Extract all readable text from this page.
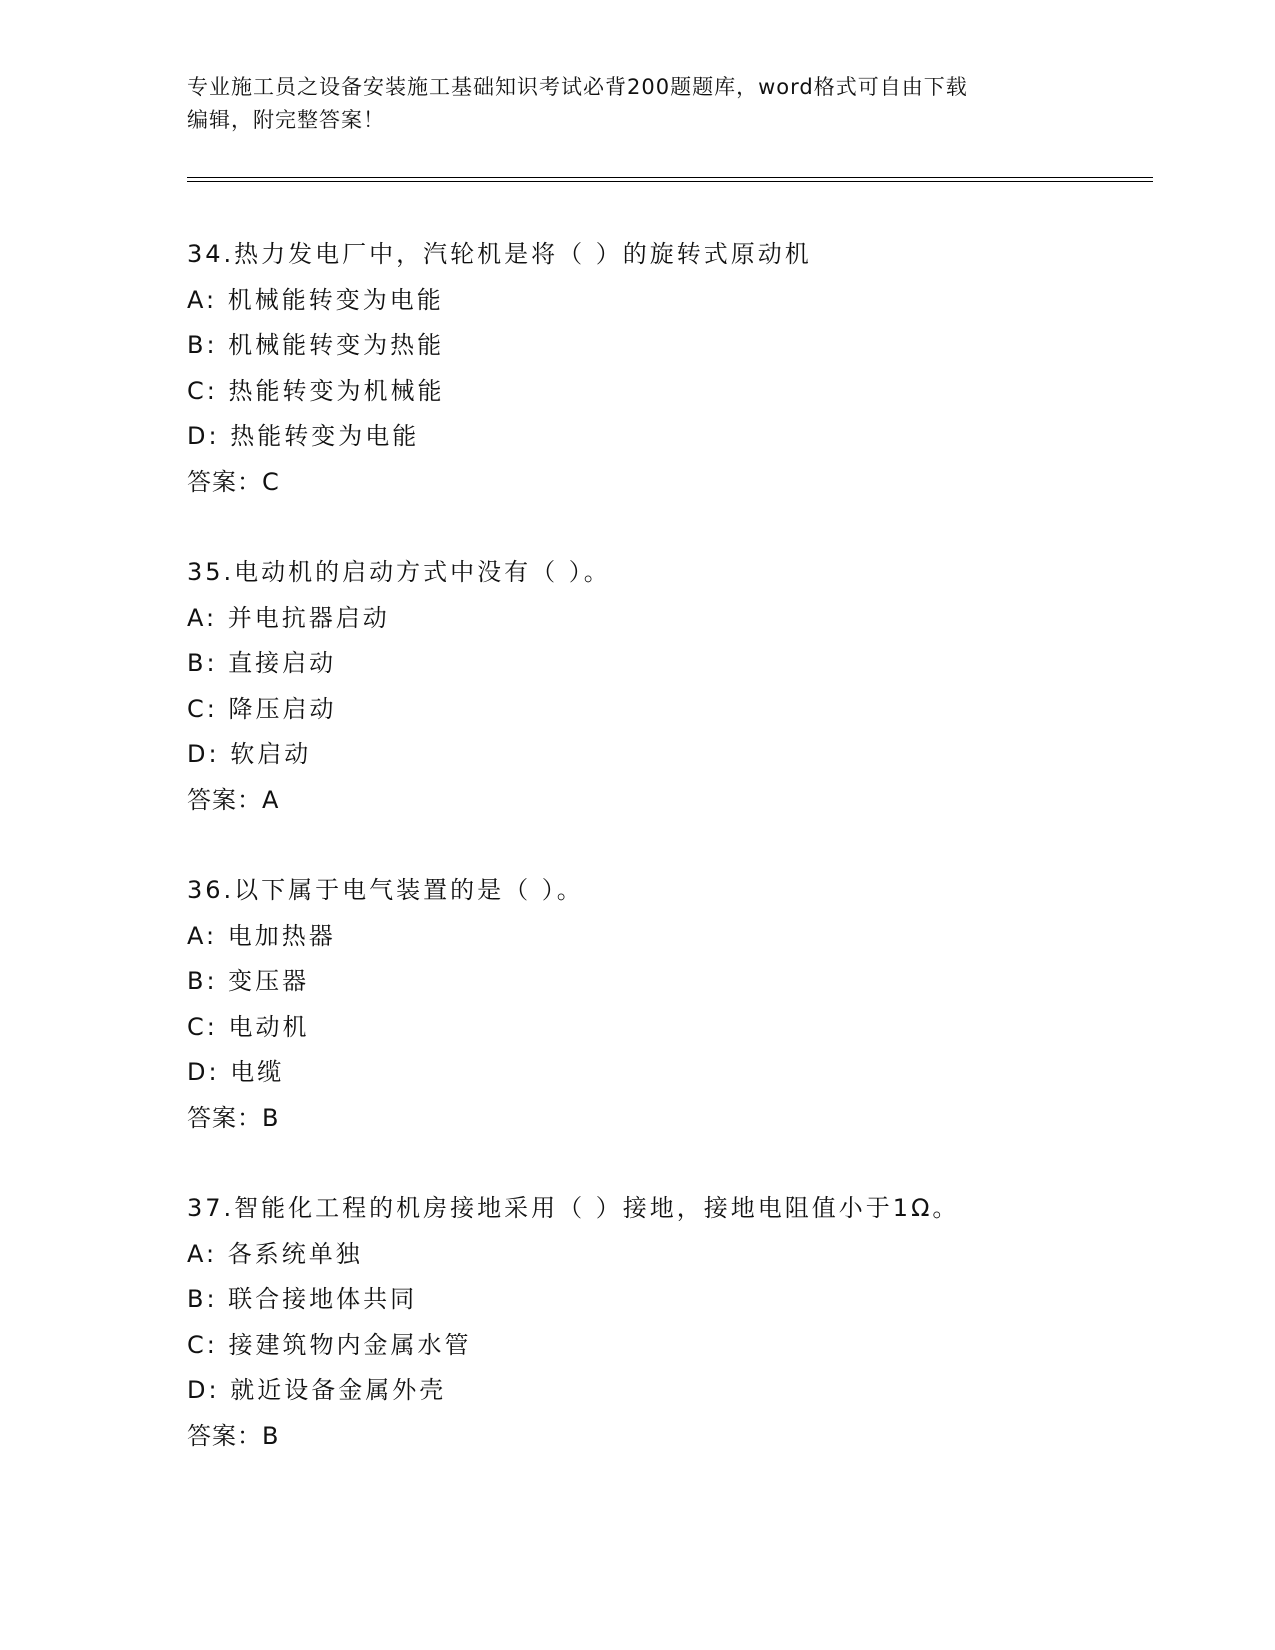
专业施工员之设备安装施工基础知识考试必背200题题库，word格式可自由下载
编辑，附完整答案！
34.热力发电厂中，汽轮机是将（ ）的旋转式原动机
A: 机械能转变为电能
B: 机械能转变为热能
C: 热能转变为机械能
D: 热能转变为电能
答案：C
35.电动机的启动方式中没有（ ）。
A: 并电抗器启动
B: 直接启动
C: 降压启动
D: 软启动
答案：A
36.以下属于电气装置的是（ ）。
A: 电加热器
B: 变压器
C: 电动机
D: 电缆
答案：B
37.智能化工程的机房接地采用（ ）接地，接地电阻值小于1Ω。
A: 各系统单独
B: 联合接地体共同
C: 接建筑物内金属水管
D: 就近设备金属外壳
答案：B
